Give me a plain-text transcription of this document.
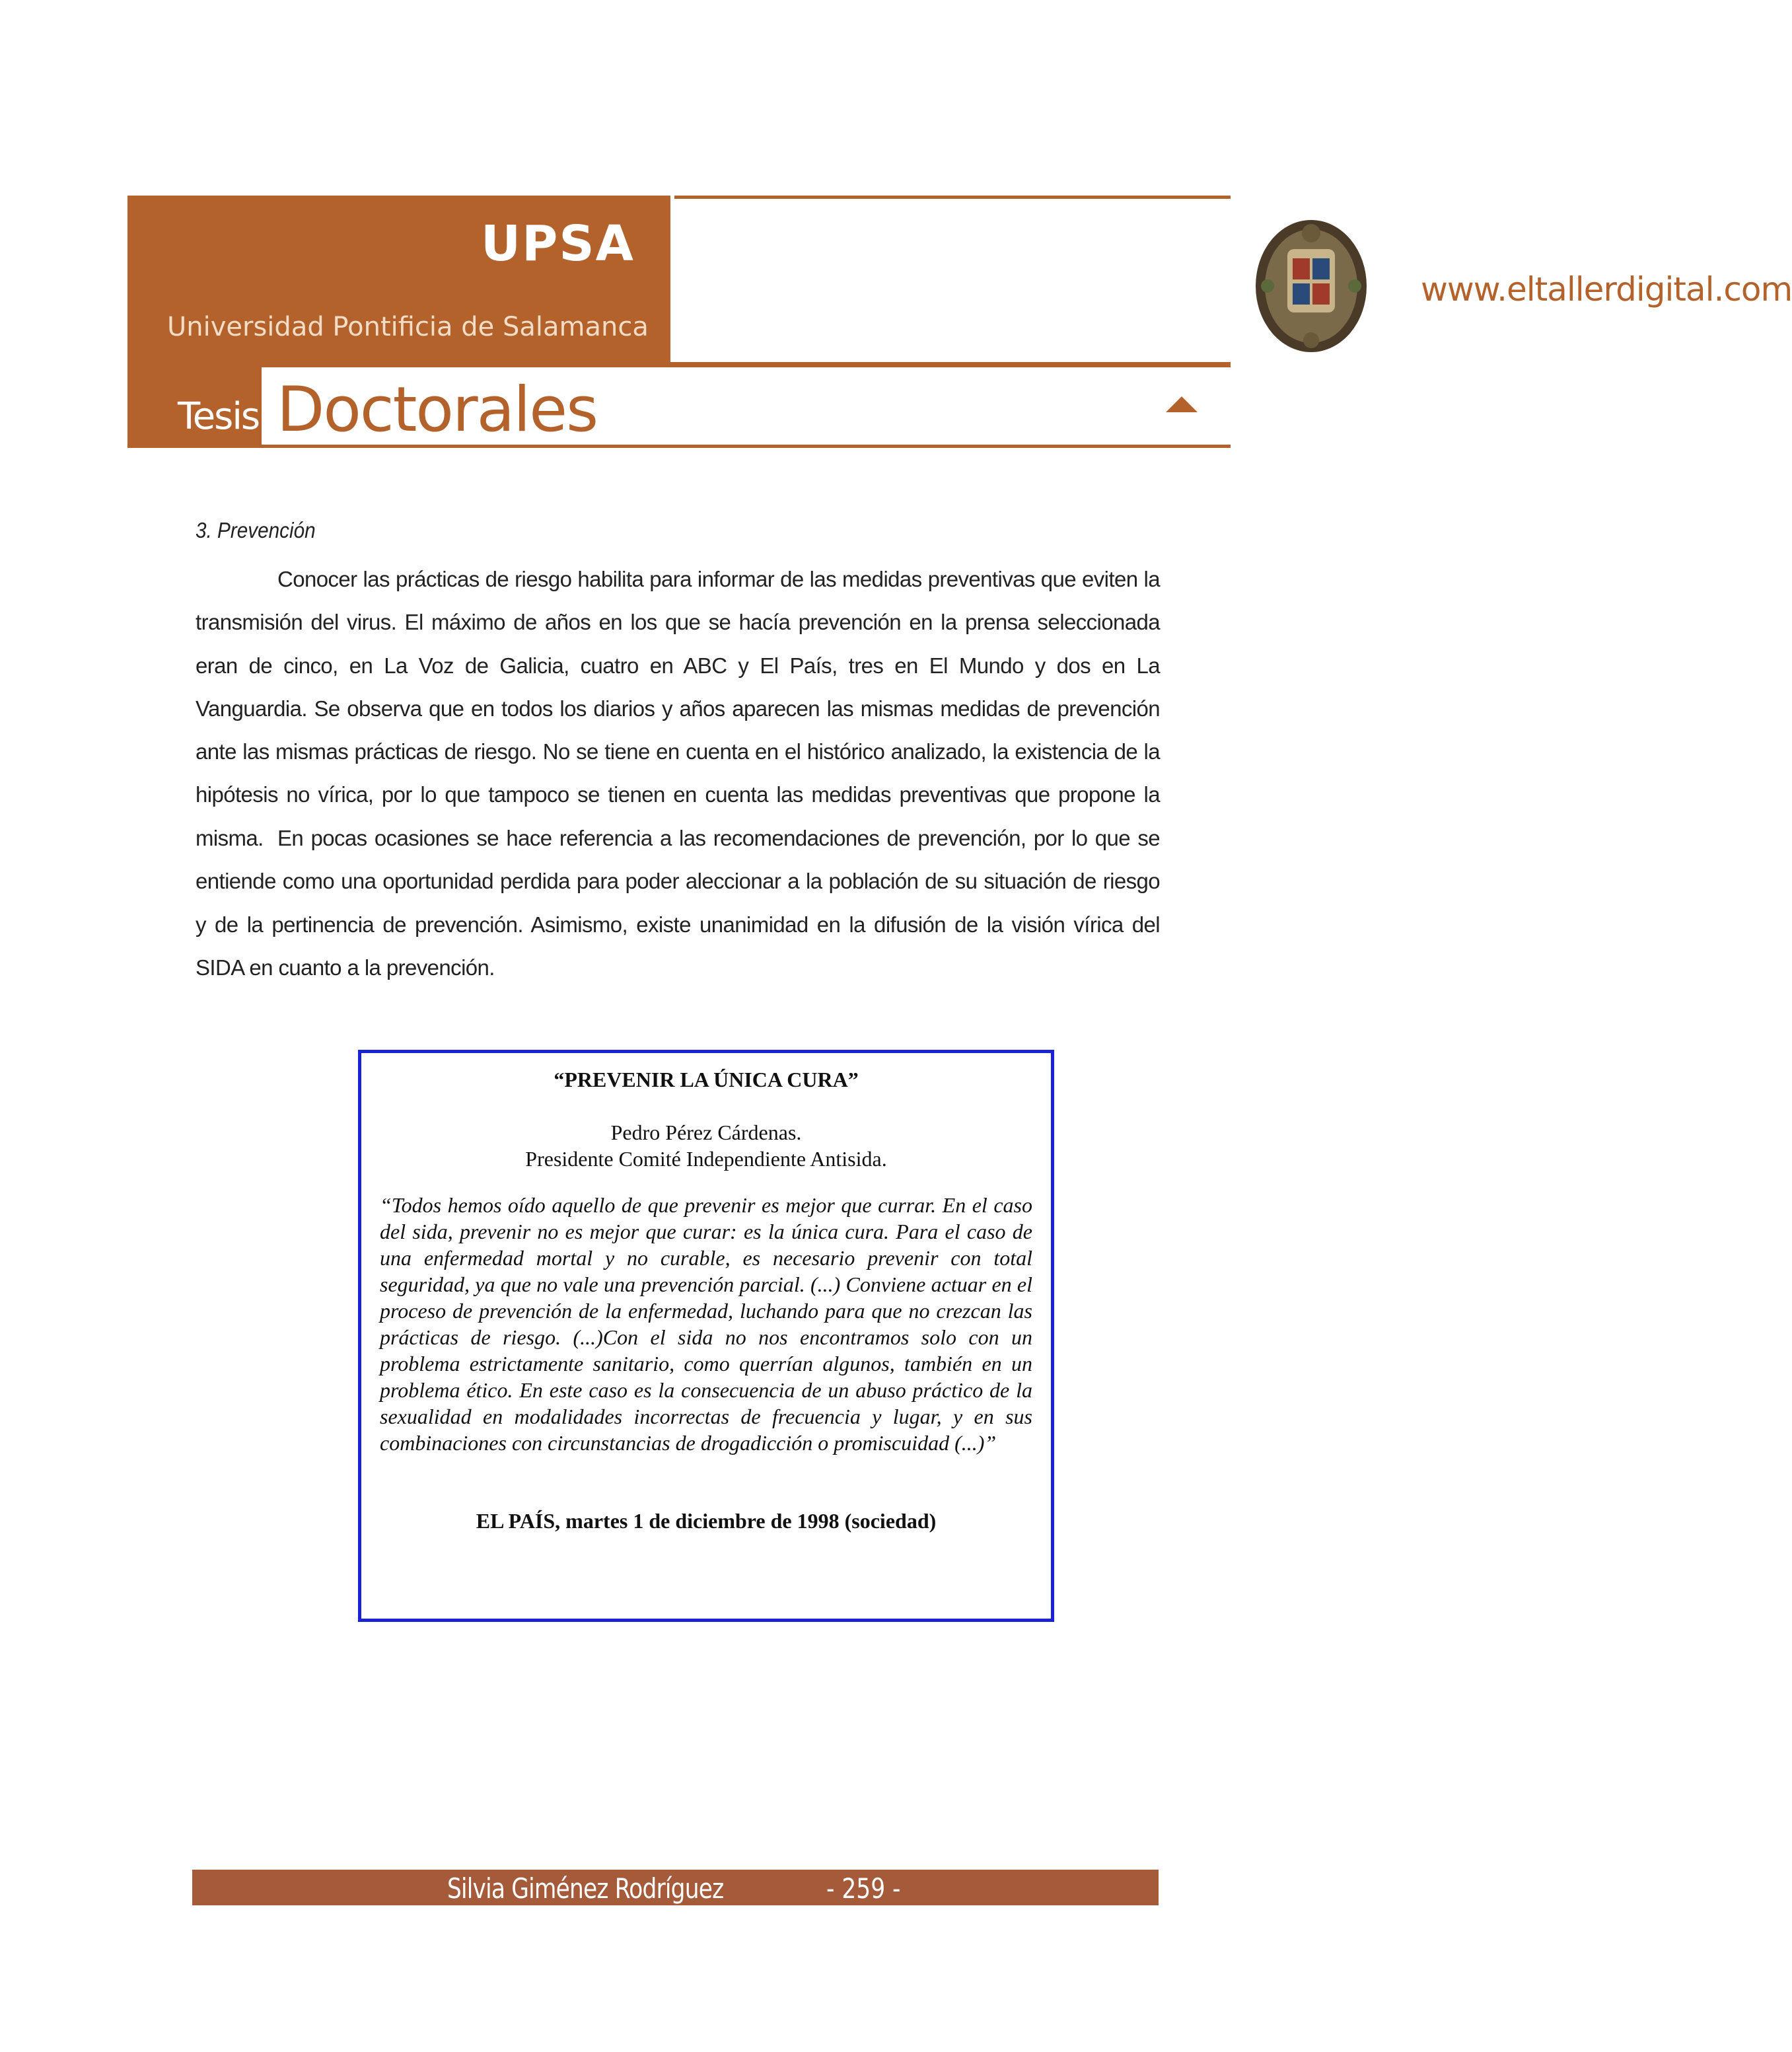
UPSA
Universidad Pontificia de Salamanca
www.eltallerdigital.com
Tesis Doctorales
3. Prevención
Conocer las prácticas de riesgo habilita para informar de las medidas preventivas que eviten la transmisión del virus. El máximo de años en los que se hacía prevención en la prensa seleccionada eran de cinco, en La Voz de Galicia, cuatro en ABC y El País, tres en El Mundo y dos en La Vanguardia. Se observa que en todos los diarios y años aparecen las mismas medidas de prevención ante las mismas prácticas de riesgo. No se tiene en cuenta en el histórico analizado, la existencia de la hipótesis no vírica, por lo que tampoco se tienen en cuenta las medidas preventivas que propone la misma. En pocas ocasiones se hace referencia a las recomendaciones de prevención, por lo que se entiende como una oportunidad perdida para poder aleccionar a la población de su situación de riesgo y de la pertinencia de prevención. Asimismo, existe unanimidad en la difusión de la visión vírica del SIDA en cuanto a la prevención.
“PREVENIR LA ÚNICA CURA”
Pedro Pérez Cárdenas.
Presidente Comité Independiente Antisida.
“Todos hemos oído aquello de que prevenir es mejor que currar. En el caso del sida, prevenir no es mejor que curar: es la única cura. Para el caso de una enfermedad mortal y no curable, es necesario prevenir con total seguridad, ya que no vale una prevención parcial. (...) Conviene actuar en el proceso de prevención de la enfermedad, luchando para que no crezcan las prácticas de riesgo. (...)Con el sida no nos encontramos solo con un problema estrictamente sanitario, como querrían algunos, también en un problema ético. En este caso es la consecuencia de un abuso práctico de la sexualidad en modalidades incorrectas de frecuencia y lugar, y en sus combinaciones con circunstancias de drogadicción o promiscuidad (...)”
EL PAÍS, martes 1 de diciembre de 1998 (sociedad)
Silvia Giménez Rodríguez	- 259 -
